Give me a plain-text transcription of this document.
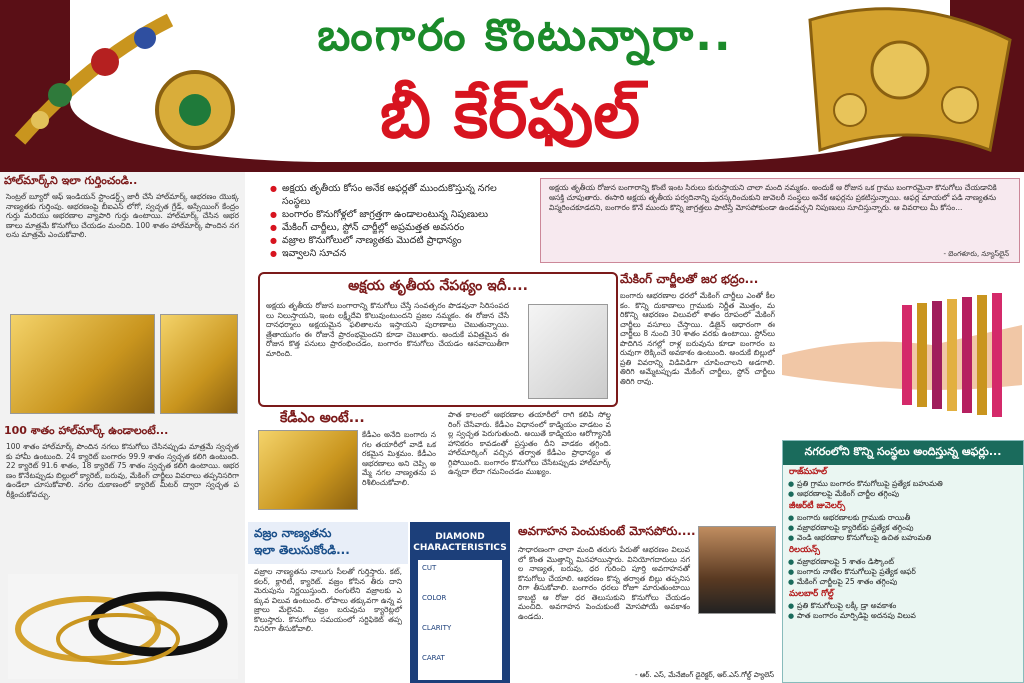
బంగారం కొంటున్నారా..
బీ కేర్‌ఫుల్
హాల్‌మార్క్‌ని ఇలా గుర్తించండి..
సెంట్రల్ బ్యూరో ఆఫ్ ఇండియన్ స్టాండర్డ్స్ జారీ చేసే హాల్‌మార్క్ ఆభరణం యొక్క నాణ్యతకు గుర్తింపు. ఆభరణంపై బీఐఎస్ లోగో, స్వచ్ఛత గ్రేడ్, అస్సేయింగ్ కేంద్రం గుర్తు మరియు ఆభరణాల వ్యాపారి గుర్తు ఉంటాయి. హాల్‌మార్క్ చేసిన ఆభరణాలు మాత్రమే కొనుగోలు చేయడం మంచిది. 100 శాతం హాల్‌మార్క్ పొందిన నగలను మాత్రమే ఎంచుకోవాలి.
100 శాతం హాల్‌మార్క్ ఉండాలంటే...
100 శాతం హాల్‌మార్క్ పొందిన నగలు కొనుగోలు చేసినప్పుడు మాత్రమే స్వచ్ఛతకు హామీ ఉంటుంది. 24 క్యారెట్ బంగారం 99.9 శాతం స్వచ్ఛత కలిగి ఉంటుంది. 22 క్యారెట్ 91.6 శాతం, 18 క్యారెట్ 75 శాతం స్వచ్ఛత కలిగి ఉంటాయి. ఆభరణం కొనేటప్పుడు బిల్లులో క్యారెట్, బరువు, మేకింగ్ చార్జీలు వివరాలు తప్పనిసరిగా ఉండేలా చూసుకోవాలి. నగల దుకాణంలో క్యారెట్ మీటర్ ద్వారా స్వచ్ఛత పరీక్షించుకోవచ్చు.
● అక్షయ తృతీయ కోసం అనేక ఆఫర్లతో ముందుకొస్తున్న నగల సంస్థలు
● బంగారం కొనుగోళ్లలో జాగ్రత్తగా ఉండాలంటున్న నిపుణులు
● మేకింగ్ చార్జీలు, స్టోన్ చార్జీల్లో అప్రమత్తత అవసరం
● వజ్రాల కొనుగోలులో నాణ్యతకు మొదటి ప్రాధాన్యం
● ఇవ్వాలని సూచన
అక్షయ తృతీయ రోజున బంగారాన్ని కొంటే ఇంట సిరులు కురుస్తాయని చాలా మంది నమ్మకం. అందుకే ఆ రోజున ఒక గ్రాము బంగారమైనా కొనుగోలు చేయడానికి ఆసక్తి చూపుతారు. ఈసారి అక్షయ తృతీయ పర్వదినాన్ని పురస్కరించుకుని జువెలరీ సంస్థలు అనేక ఆఫర్లను ప్రకటిస్తున్నాయి. ఆఫర్ల మాయలో పడి నాణ్యతను విస్మరించకూడదని, బంగారం కొనే ముందు కొన్ని జాగ్రత్తలు పాటిస్తే మోసపోకుండా ఉండవచ్చని నిపుణులు సూచిస్తున్నారు. ఆ వివరాలు మీ కోసం...
- బెంగళూరు, న్యూస్‌లైన్
అక్షయ తృతీయ నేపథ్యం ఇదీ....
అక్షయ తృతీయ రోజున బంగారాన్ని కొనుగోలు చేస్తే సంవత్సరం పొడవునా సిరిసంపదలు నిలుస్తాయని, ఇంట లక్ష్మీదేవి కొలువుంటుందని ప్రజల నమ్మకం. ఈ రోజున చేసే దానధర్మాలు అక్షయమైన ఫలితాలను ఇస్తాయని పురాణాలు చెబుతున్నాయి. త్రేతాయుగం ఈ రోజునే ప్రారంభమైందని కూడా చెబుతారు. అందుకే పవిత్రమైన ఈ రోజున కొత్త పనులు ప్రారంభించడం, బంగారం కొనుగోలు చేయడం ఆనవాయితీగా మారింది.
కేడీఎం అంటే...
కేడీఎం అనేది బంగారు నగల తయారీలో వాడే ఒక రకమైన మిశ్రమం. కేడీఎం ఆభరణాలు అని చెప్పి అమ్మే నగల నాణ్యతను పరిశీలించుకోవాలి.
పాత కాలంలో ఆభరణాల తయారీలో రాగి కలిపి సోల్డరింగ్ చేసేవారు. కేడీఎం విధానంలో కాడ్మియం వాడటం వల్ల స్వచ్ఛత పెరుగుతుంది. అయితే కాడ్మియం ఆరోగ్యానికి హానికరం కావడంతో ప్రస్తుతం దీని వాడకం తగ్గింది. హాల్‌మార్కింగ్ వచ్చిన తర్వాత కేడీఎం ప్రాధాన్యం తగ్గిపోయింది. బంగారం కొనుగోలు చేసేటప్పుడు హాల్‌మార్క్ ఉన్నదా లేదా గమనించడం ముఖ్యం.
మేకింగ్ చార్జీలతో జర భద్రం...
బంగారు ఆభరణాల ధరలో మేకింగ్ చార్జీలు ఎంతో కీలకం. కొన్ని దుకాణాలు గ్రాముకు నిర్ణీత మొత్తం, మరికొన్ని ఆభరణం విలువలో శాతం రూపంలో మేకింగ్ చార్జీలు వసూలు చేస్తాయి. డిజైన్ ఆధారంగా ఈ చార్జీలు 8 నుంచి 30 శాతం వరకు ఉంటాయి. స్టోన్‌లు పొదిగిన నగల్లో రాళ్ల బరువును కూడా బంగారం బరువుగా లెక్కించే అవకాశం ఉంటుంది. అందుకే బిల్లులో ప్రతి వివరాన్ని విడివిడిగా చూపించాలని అడగాలి. తిరిగి అమ్మేటప్పుడు మేకింగ్ చార్జీలు, స్టోన్ చార్జీలు తిరిగి రావు.
నగరంలోని కొన్ని సంస్థలు అందిస్తున్న ఆఫర్లు...
రాజ్‌మహల్
● ప్రతి గ్రాము బంగారం కొనుగోలుపై ప్రత్యేక బహుమతి
● ఆభరణాలపై మేకింగ్ చార్జీల తగ్గింపు
జీఆర్‌టీ జువెలర్స్
● బంగారు ఆభరణాలకు గ్రాముకు రాయితీ
● వజ్రాభరణాలపై క్యారెట్‌కు ప్రత్యేక తగ్గింపు
● వెండి ఆభరణాల కొనుగోలుపై ఉచిత బహుమతి
రిలయన్స్
● వజ్రాభరణాలపై 5 శాతం డిస్కౌంట్
● బంగారు నాణేల కొనుగోలుపై ప్రత్యేక ఆఫర్
● మేకింగ్ చార్జీలపై 25 శాతం తగ్గింపు
మలబార్ గోల్డ్
● ప్రతి కొనుగోలుపై లక్కీ డ్రా అవకాశం
● పాత బంగారం మార్పిడిపై అదనపు విలువ
వజ్రం నాణ్యతను
ఇలా తెలుసుకోండి...
వజ్రాల నాణ్యతను నాలుగు సీలతో గుర్తిస్తారు. కట్, కలర్, క్లారిటీ, క్యారెట్. వజ్రం కోసిన తీరు దాని మెరుపును నిర్ణయిస్తుంది. రంగులేని వజ్రాలకు ఎక్కువ విలువ ఉంటుంది. లోపాలు తక్కువగా ఉన్న వజ్రాలు మేలైనవి. వజ్రం బరువును క్యారెట్లలో కొలుస్తారు. కొనుగోలు సమయంలో సర్టిఫికెట్ తప్పనిసరిగా తీసుకోవాలి.
DIAMOND
CHARACTERISTICS
CUT
COLOR
CLARITY
CARAT
అవగాహన పెంచుకుంటే మోసపోరు....
సాధారణంగా చాలా మంది తరుగు పేరుతో ఆభరణం విలువలో కొంత మొత్తాన్ని మినహాయిస్తారు. వినియోగదారులు నగల నాణ్యత, బరువు, ధర గురించి పూర్తి అవగాహనతో కొనుగోలు చేయాలి. ఆభరణం కొన్న తర్వాత బిల్లు తప్పనిసరిగా తీసుకోవాలి. బంగారం ధరలు రోజూ మారుతుంటాయి కాబట్టి ఆ రోజు ధర తెలుసుకుని కొనుగోలు చేయడం మంచిది. అవగాహన పెంచుకుంటే మోసపోయే అవకాశం ఉండదు.
- ఆర్. ఎస్, మేనేజింగ్ డైరెక్టర్, ఆర్.ఎస్.గోల్డ్ ప్యాలెస్
